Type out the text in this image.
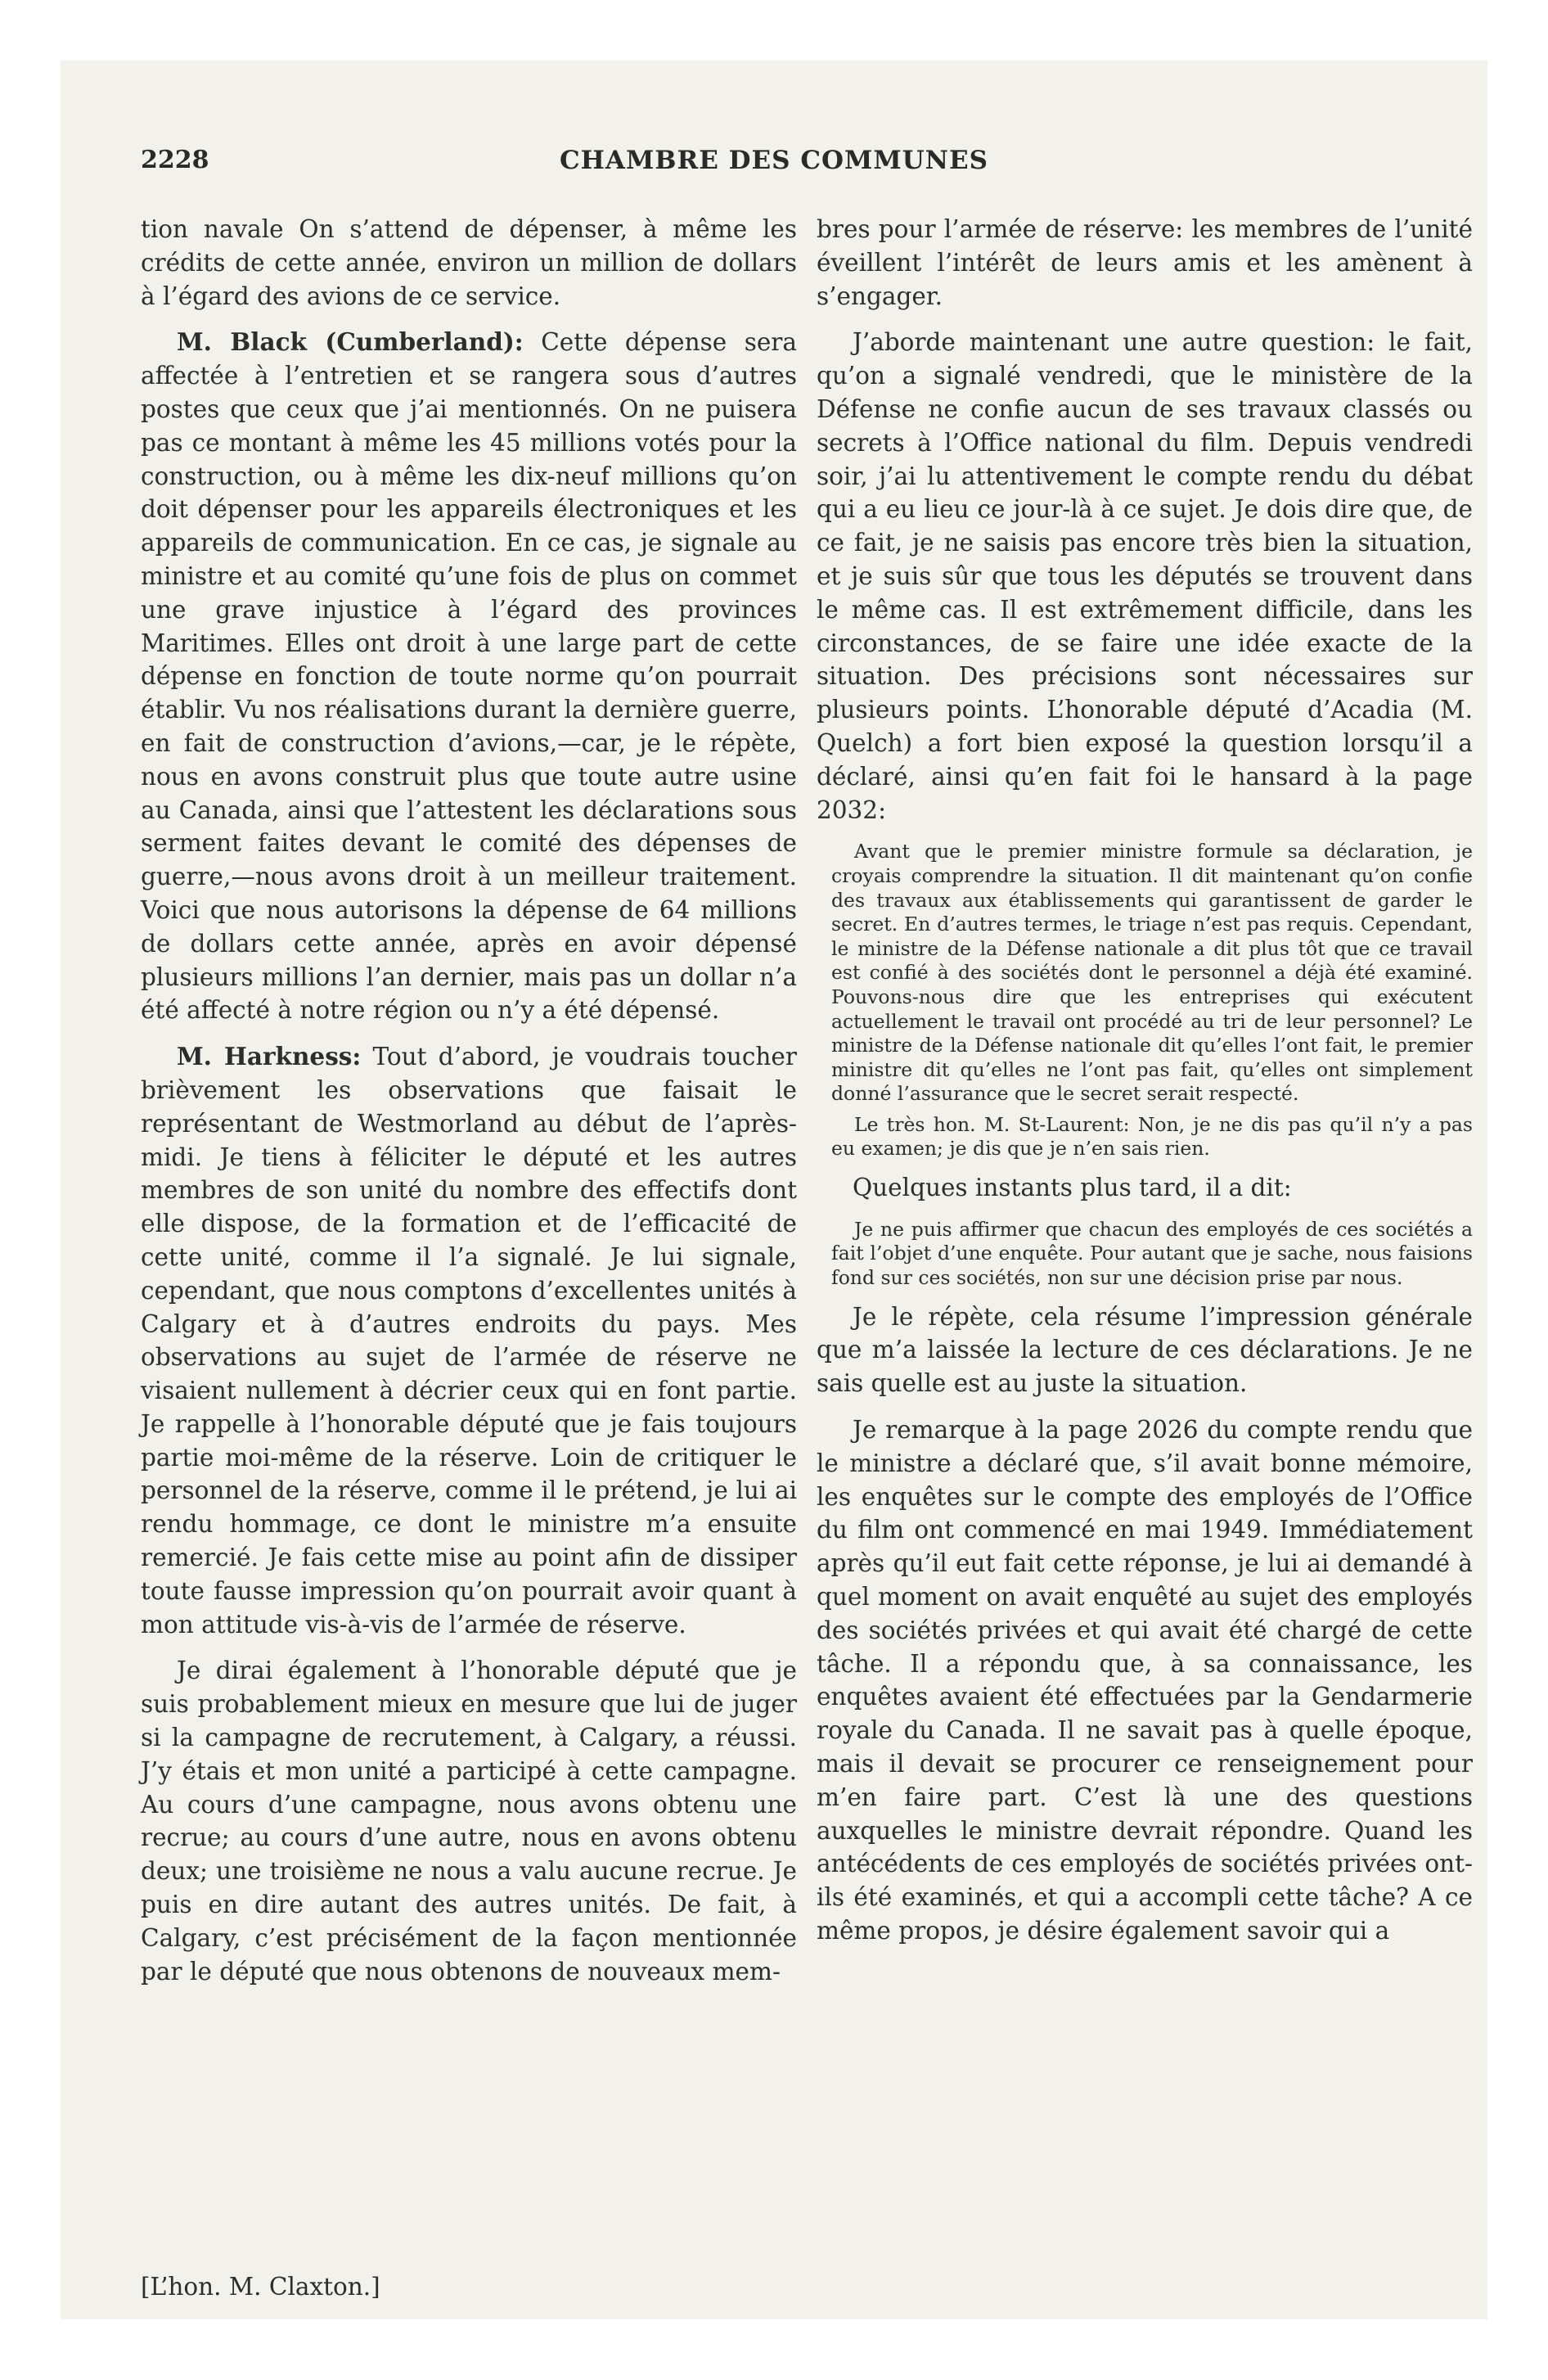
2228	CHAMBRE DES COMMUNES

tion navale On s’attend de dépenser, à même les crédits de cette année, environ un million de dollars à l’égard des avions de ce service.

M. Black (Cumberland): Cette dépense sera affectée à l’entretien et se rangera sous d’autres postes que ceux que j’ai mentionnés. On ne puisera pas ce montant à même les 45 millions votés pour la construction, ou à même les dix-neuf millions qu’on doit dépenser pour les appareils électroniques et les appareils de communication. En ce cas, je signale au ministre et au comité qu’une fois de plus on commet une grave injustice à l’égard des provinces Maritimes. Elles ont droit à une large part de cette dépense en fonction de toute norme qu’on pourrait établir. Vu nos réalisations durant la dernière guerre, en fait de construction d’avions,—car, je le répète, nous en avons construit plus que toute autre usine au Canada, ainsi que l’attestent les déclarations sous serment faites devant le comité des dépenses de guerre,—nous avons droit à un meilleur traitement. Voici que nous autorisons la dépense de 64 millions de dollars cette année, après en avoir dépensé plusieurs millions l’an dernier, mais pas un dollar n’a été affecté à notre région ou n’y a été dépensé.

M. Harkness: Tout d’abord, je voudrais toucher brièvement les observations que faisait le représentant de Westmorland au début de l’après-midi. Je tiens à féliciter le député et les autres membres de son unité du nombre des effectifs dont elle dispose, de la formation et de l’efficacité de cette unité, comme il l’a signalé. Je lui signale, cependant, que nous comptons d’excellentes unités à Calgary et à d’autres endroits du pays. Mes observations au sujet de l’armée de réserve ne visaient nullement à décrier ceux qui en font partie. Je rappelle à l’honorable député que je fais toujours partie moi-même de la réserve. Loin de critiquer le personnel de la réserve, comme il le prétend, je lui ai rendu hommage, ce dont le ministre m’a ensuite remercié. Je fais cette mise au point afin de dissiper toute fausse impression qu’on pourrait avoir quant à mon attitude vis-à-vis de l’armée de réserve.

Je dirai également à l’honorable député que je suis probablement mieux en mesure que lui de juger si la campagne de recrutement, à Calgary, a réussi. J’y étais et mon unité a participé à cette campagne. Au cours d’une campagne, nous avons obtenu une recrue; au cours d’une autre, nous en avons obtenu deux; une troisième ne nous a valu aucune recrue. Je puis en dire autant des autres unités. De fait, à Calgary, c’est précisément de la façon mentionnée par le député que nous obtenons de nouveaux mem-

[L’hon. M. Claxton.]

bres pour l’armée de réserve: les membres de l’unité éveillent l’intérêt de leurs amis et les amènent à s’engager.

J’aborde maintenant une autre question: le fait, qu’on a signalé vendredi, que le ministère de la Défense ne confie aucun de ses travaux classés ou secrets à l’Office national du film. Depuis vendredi soir, j’ai lu attentivement le compte rendu du débat qui a eu lieu ce jour-là à ce sujet. Je dois dire que, de ce fait, je ne saisis pas encore très bien la situation, et je suis sûr que tous les députés se trouvent dans le même cas. Il est extrêmement difficile, dans les circonstances, de se faire une idée exacte de la situation. Des précisions sont nécessaires sur plusieurs points. L’honorable député d’Acadia (M. Quelch) a fort bien exposé la question lorsqu’il a déclaré, ainsi qu’en fait foi le hansard à la page 2032:

Avant que le premier ministre formule sa déclaration, je croyais comprendre la situation. Il dit maintenant qu’on confie des travaux aux établissements qui garantissent de garder le secret. En d’autres termes, le triage n’est pas requis. Cependant, le ministre de la Défense nationale a dit plus tôt que ce travail est confié à des sociétés dont le personnel a déjà été examiné. Pouvons-nous dire que les entreprises qui exécutent actuellement le travail ont procédé au tri de leur personnel? Le ministre de la Défense nationale dit qu’elles l’ont fait, le premier ministre dit qu’elles ne l’ont pas fait, qu’elles ont simplement donné l’assurance que le secret serait respecté.

Le très hon. M. St-Laurent: Non, je ne dis pas qu’il n’y a pas eu examen; je dis que je n’en sais rien.

Quelques instants plus tard, il a dit:

Je ne puis affirmer que chacun des employés de ces sociétés a fait l’objet d’une enquête. Pour autant que je sache, nous faisions fond sur ces sociétés, non sur une décision prise par nous.

Je le répète, cela résume l’impression générale que m’a laissée la lecture de ces déclarations. Je ne sais quelle est au juste la situation.

Je remarque à la page 2026 du compte rendu que le ministre a déclaré que, s’il avait bonne mémoire, les enquêtes sur le compte des employés de l’Office du film ont commencé en mai 1949. Immédiatement après qu’il eut fait cette réponse, je lui ai demandé à quel moment on avait enquêté au sujet des employés des sociétés privées et qui avait été chargé de cette tâche. Il a répondu que, à sa connaissance, les enquêtes avaient été effectuées par la Gendarmerie royale du Canada. Il ne savait pas à quelle époque, mais il devait se procurer ce renseignement pour m’en faire part. C’est là une des questions auxquelles le ministre devrait répondre. Quand les antécédents de ces employés de sociétés privées ont-ils été examinés, et qui a accompli cette tâche? A ce même propos, je désire également savoir qui a
